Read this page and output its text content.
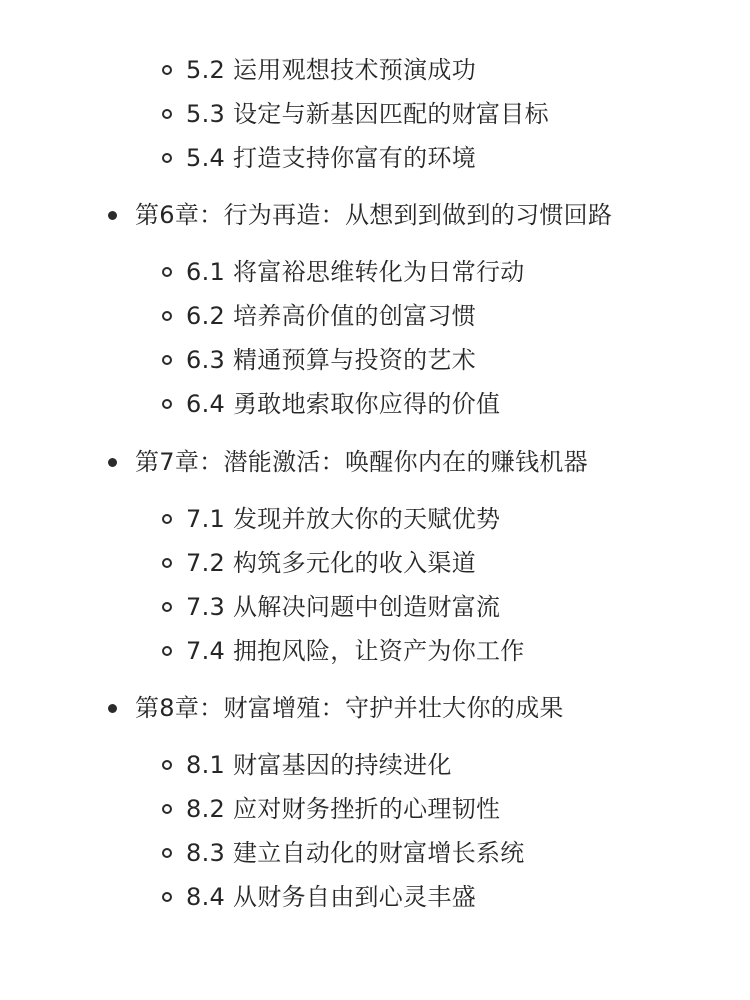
5.2 运用观想技术预演成功
5.3 设定与新基因匹配的财富目标
5.4 打造支持你富有的环境
第6章：行为再造：从想到到做到的习惯回路
6.1 将富裕思维转化为日常行动
6.2 培养高价值的创富习惯
6.3 精通预算与投资的艺术
6.4 勇敢地索取你应得的价值
第7章：潜能激活：唤醒你内在的赚钱机器
7.1 发现并放大你的天赋优势
7.2 构筑多元化的收入渠道
7.3 从解决问题中创造财富流
7.4 拥抱风险，让资产为你工作
第8章：财富增殖：守护并壮大你的成果
8.1 财富基因的持续进化
8.2 应对财务挫折的心理韧性
8.3 建立自动化的财富增长系统
8.4 从财务自由到心灵丰盛
